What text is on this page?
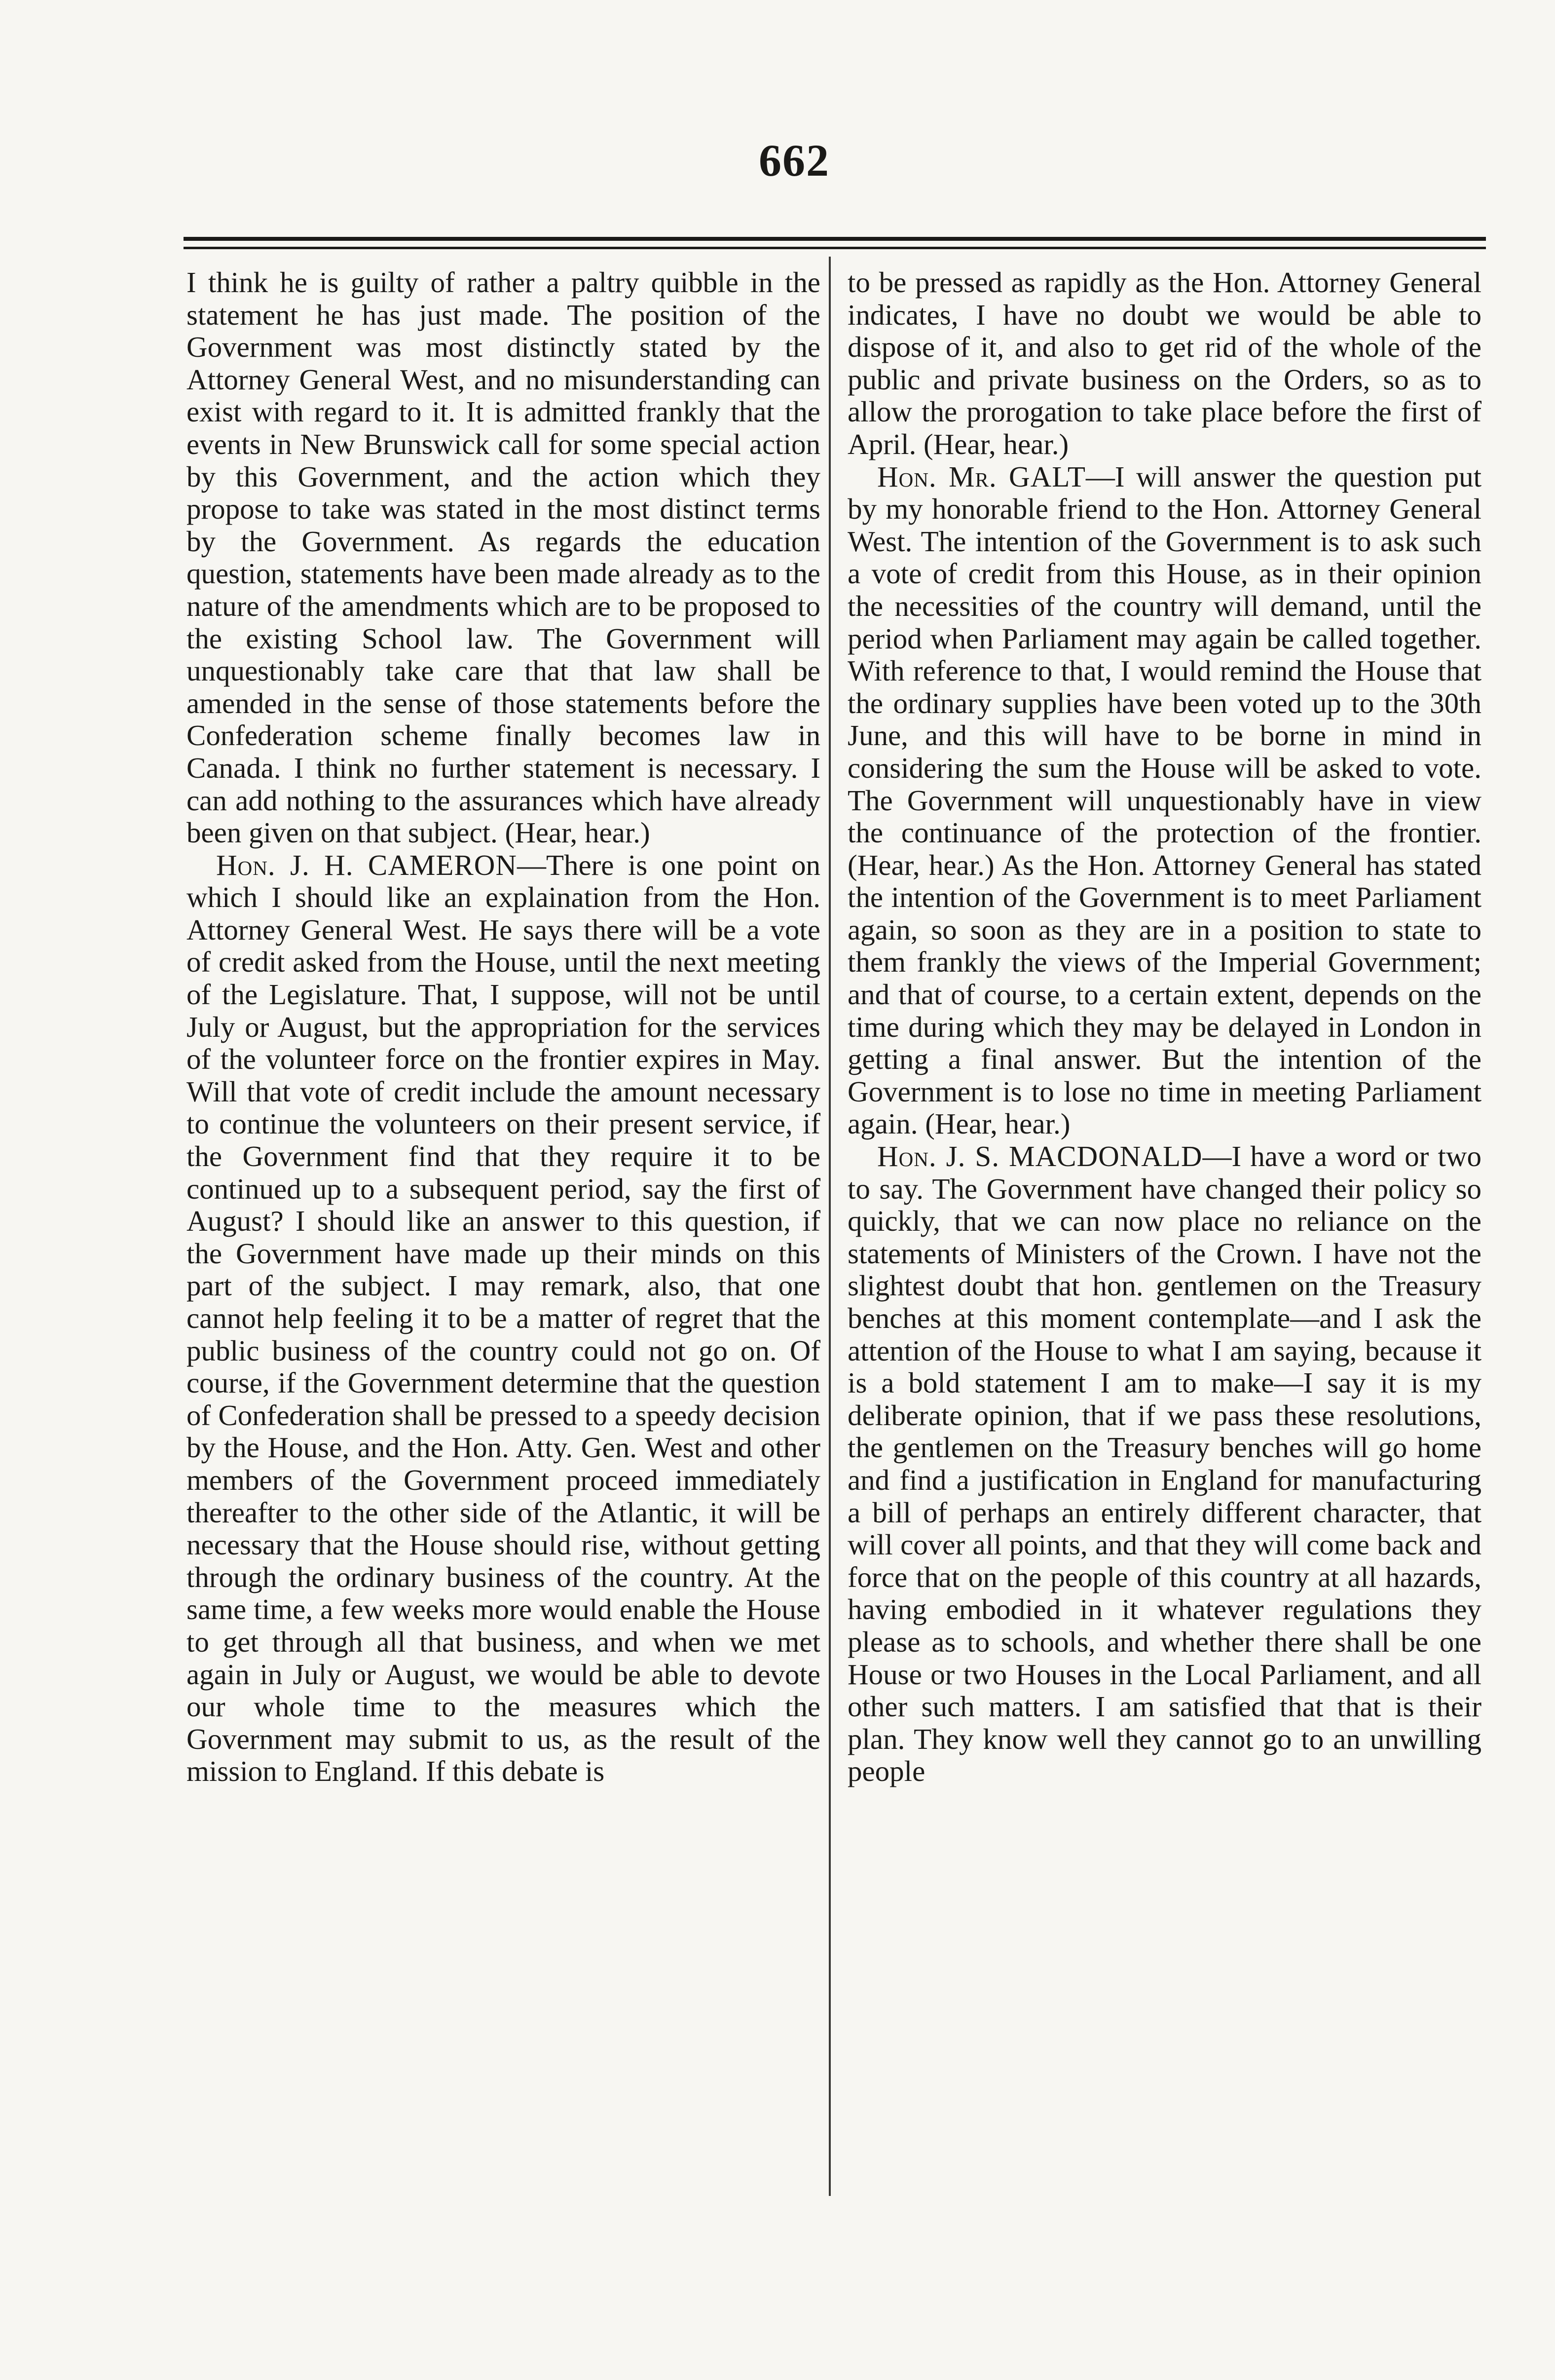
662

I think he is guilty of rather a paltry quibble in the statement he has just made. The position of the Government was most distinctly stated by the Attorney General West, and no misunderstanding can exist with regard to it. It is admitted frankly that the events in New Brunswick call for some special action by this Government, and the action which they propose to take was stated in the most distinct terms by the Government. As regards the education question, statements have been made already as to the nature of the amendments which are to be proposed to the existing School law. The Government will unquestionably take care that that law shall be amended in the sense of those statements before the Confederation scheme finally becomes law in Canada. I think no further statement is necessary. I can add nothing to the assurances which have already been given on that subject. (Hear, hear.)

Hon. J. H. CAMERON—There is one point on which I should like an explaination from the Hon. Attorney General West. He says there will be a vote of credit asked from the House, until the next meeting of the Legislature. That, I suppose, will not be until July or August, but the appropriation for the services of the volunteer force on the frontier expires in May. Will that vote of credit include the amount necessary to continue the volunteers on their present service, if the Government find that they require it to be continued up to a subsequent period, say the first of August? I should like an answer to this question, if the Government have made up their minds on this part of the subject. I may remark, also, that one cannot help feeling it to be a matter of regret that the public business of the country could not go on. Of course, if the Government determine that the question of Confederation shall be pressed to a speedy decision by the House, and the Hon. Atty. Gen. West and other members of the Government proceed immediately thereafter to the other side of the Atlantic, it will be necessary that the House should rise, without getting through the ordinary business of the country. At the same time, a few weeks more would enable the House to get through all that business, and when we met again in July or August, we would be able to devote our whole time to the measures which the Government may submit to us, as the result of the mission to England. If this debate is

to be pressed as rapidly as the Hon. Attorney General indicates, I have no doubt we would be able to dispose of it, and also to get rid of the whole of the public and private business on the Orders, so as to allow the prorogation to take place before the first of April. (Hear, hear.)

Hon. Mr. GALT—I will answer the question put by my honorable friend to the Hon. Attorney General West. The intention of the Government is to ask such a vote of credit from this House, as in their opinion the necessities of the country will demand, until the period when Parliament may again be called together. With reference to that, I would remind the House that the ordinary supplies have been voted up to the 30th June, and this will have to be borne in mind in considering the sum the House will be asked to vote. The Government will unquestionably have in view the continuance of the protection of the frontier. (Hear, hear.) As the Hon. Attorney General has stated the intention of the Government is to meet Parliament again, so soon as they are in a position to state to them frankly the views of the Imperial Government; and that of course, to a certain extent, depends on the time during which they may be delayed in London in getting a final answer. But the intention of the Government is to lose no time in meeting Parliament again. (Hear, hear.)

Hon. J. S. MACDONALD—I have a word or two to say. The Government have changed their policy so quickly, that we can now place no reliance on the statements of Ministers of the Crown. I have not the slightest doubt that hon. gentlemen on the Treasury benches at this moment contemplate—and I ask the attention of the House to what I am saying, because it is a bold statement I am to make—I say it is my deliberate opinion, that if we pass these resolutions, the gentlemen on the Treasury benches will go home and find a justification in England for manufacturing a bill of perhaps an entirely different character, that will cover all points, and that they will come back and force that on the people of this country at all hazards, having embodied in it whatever regulations they please as to schools, and whether there shall be one House or two Houses in the Local Parliament, and all other such matters. I am satisfied that that is their plan. They know well they cannot go to an unwilling people
